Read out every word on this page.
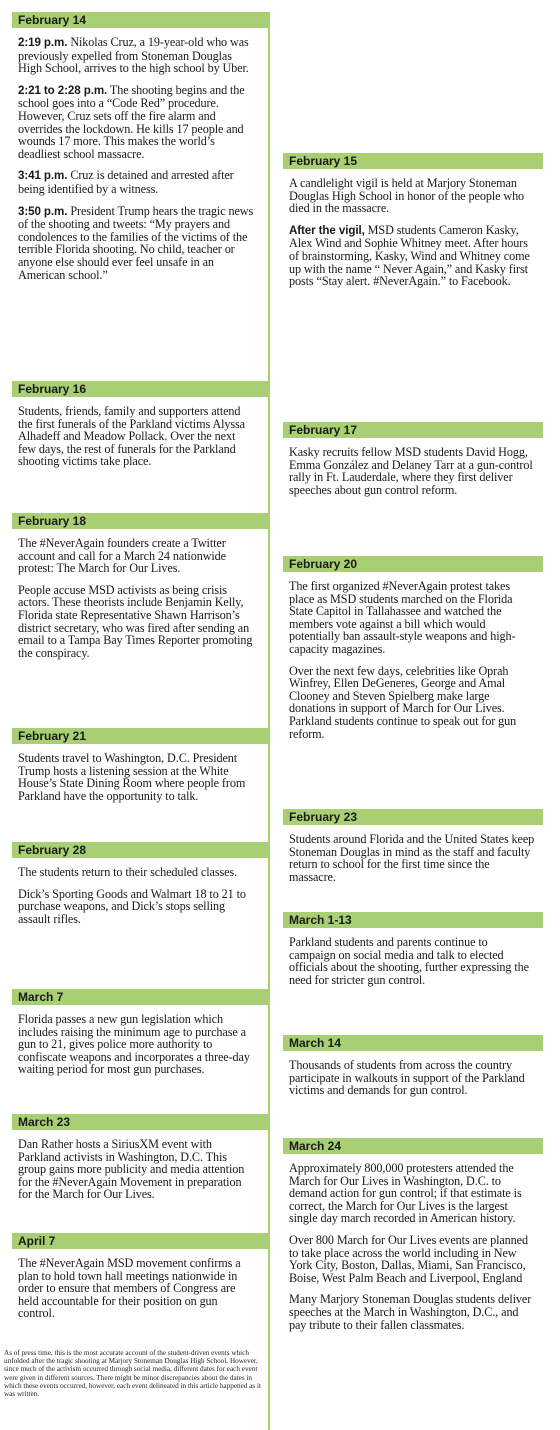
February 14

2:19 p.m. Nikolas Cruz, a 19-year-old who was previously expelled from Stoneman Douglas High School, arrives to the high school by Uber.

2:21 to 2:28 p.m. The shooting begins and the school goes into a “Code Red” procedure. However, Cruz sets off the fire alarm and overrides the lockdown. He kills 17 people and wounds 17 more. This makes the world’s deadliest school massacre.

3:41 p.m. Cruz is detained and arrested after being identified by a witness.

3:50 p.m. President Trump hears the tragic news of the shooting and tweets: “My prayers and condolences to the families of the victims of the terrible Florida shooting. No child, teacher or anyone else should ever feel unsafe in an American school.”

February 16

Students, friends, family and supporters attend the first funerals of the Parkland victims Alyssa Alhadeff and Meadow Pollack. Over the next few days, the rest of funerals for the Parkland shooting victims take place.

February 18

The #NeverAgain founders create a Twitter account and call for a March 24 nationwide protest: The March for Our Lives.

People accuse MSD activists as being crisis actors. These theorists include Benjamin Kelly, Florida state Representative Shawn Harrison’s district secretary, who was fired after sending an email to a Tampa Bay Times Reporter promoting the conspiracy.

February 21

Students travel to Washington, D.C. President Trump hosts a listening session at the White House’s State Dining Room where people from Parkland have the opportunity to talk.

February 28

The students return to their scheduled classes.

Dick’s Sporting Goods and Walmart 18 to 21 to purchase weapons, and Dick’s stops selling assault rifles.

March 7

Florida passes a new gun legislation which includes raising the minimum age to purchase a gun to 21, gives police more authority to confiscate weapons and incorporates a three-day waiting period for most gun purchases.

March 23

Dan Rather hosts a SiriusXM event with Parkland activists in Washington, D.C. This group gains more publicity and media attention for the #NeverAgain Movement in preparation for the March for Our Lives.

April 7

The #NeverAgain MSD movement confirms a plan to hold town hall meetings nationwide in order to ensure that members of Congress are held accountable for their position on gun control.

As of press time, this is the most accurate account of the student-driven events which unfolded after the tragic shooting at Marjory Stoneman Douglas High School. However, since much of the activism occurred through social media, different dates for each event were given in different sources. There might be minor discrepancies about the dates in which these events occurred, however, each event delineated in this article happened as it was written.
February 15

A candlelight vigil is held at Marjory Stoneman Douglas High School in honor of the people who died in the massacre.

After the vigil, MSD students Cameron Kasky, Alex Wind and Sophie Whitney meet. After hours of brainstorming, Kasky, Wind and Whitney come up with the name “ Never Again,” and Kasky first posts “Stay alert. #NeverAgain.” to Facebook.

February 17

Kasky recruits fellow MSD students David Hogg, Emma González and Delaney Tarr at a gun-control rally in Ft. Lauderdale, where they first deliver speeches about gun control reform.

February 20

The first organized #NeverAgain protest takes place as MSD students marched on the Florida State Capitol in Tallahassee and watched the members vote against a bill which would potentially ban assault-style weapons and high-capacity magazines.

Over the next few days, celebrities like Oprah Winfrey, Ellen DeGeneres, George and Amal Clooney and Steven Spielberg make large donations in support of March for Our Lives. Parkland students continue to speak out for gun reform.

February 23

Students around Florida and the United States keep Stoneman Douglas in mind as the staff and faculty return to school for the first time since the massacre.

March 1-13

Parkland students and parents continue to campaign on social media and talk to elected officials about the shooting, further expressing the need for stricter gun control.

March 14

Thousands of students from across the country participate in walkouts in support of the Parkland victims and demands for gun control.

March 24

Approximately 800,000 protesters attended the March for Our Lives in Washington, D.C. to demand action for gun control; if that estimate is correct, the March for Our Lives is the largest single day march recorded in American history.

Over 800 March for Our Lives events are planned to take place across the world including in New York City, Boston, Dallas, Miami, San Francisco, Boise, West Palm Beach and Liverpool, England

Many Marjory Stoneman Douglas students deliver speeches at the March in Washington, D.C., and pay tribute to their fallen classmates.
